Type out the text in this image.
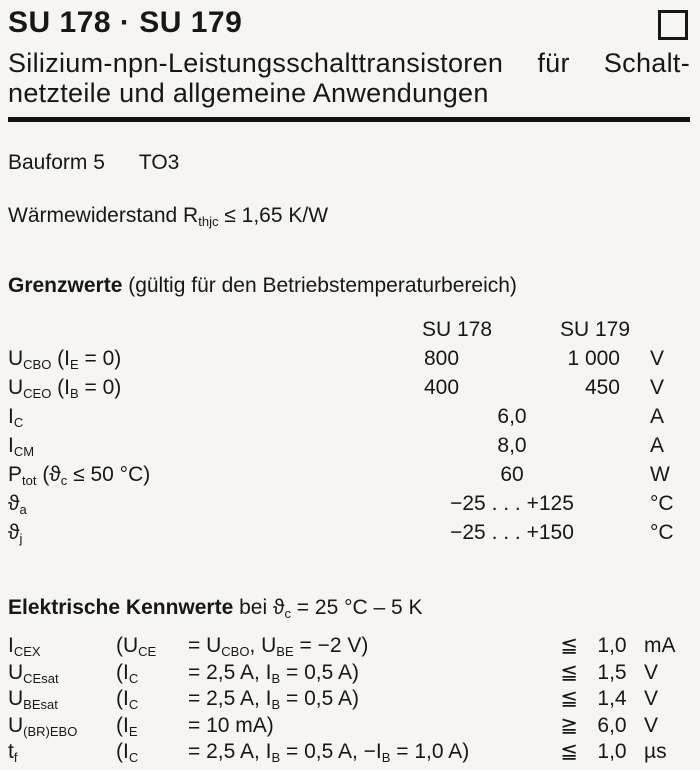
SU 178 · SU 179
Silizium-npn-Leistungsschalttransistoren für Schalt-
netzteile und allgemeine Anwendungen
Bauform 5 TO3
Wärmewiderstand $R_{thjc} \le 1,65$ K/W
Grenzwerte (gültig für den Betriebstemperaturbereich)
SU 178	SU 179
$U_{CBO}$ $(I_E = 0)$	800	1 000	V
$U_{CEO}$ $(I_B = 0)$	400	450	V
$I_C$	6,0	A
$I_{CM}$	8,0	A
$P_{tot}$ ($ϑ_c \le 50$ °C)	60	W
$ϑ_a$	−25 . . . +125	°C
$ϑ_j$	−25 . . . +150	°C
Elektrische Kennwerte bei $ϑ_c = 25$ °C – 5 K
$I_{CEX}$	($U_{CE}$	= $U_{CBO}$, $U_{BE} = -2$ V)	≦ 1,0 mA
$U_{CEsat}$	($I_C$	= 2,5 A, $I_B = 0,5$ A)	≦ 1,5 V
$U_{BEsat}$	($I_C$	= 2,5 A, $I_B = 0,5$ A)	≦ 1,4 V
$U_{(BR)EBO}$	($I_E$	= 10 mA)	≧ 6,0 V
$t_f$	($I_C$	= 2,5 A, $I_B = 0,5$ A, $-I_B = 1,0$ A)	≦ 1,0 µs
